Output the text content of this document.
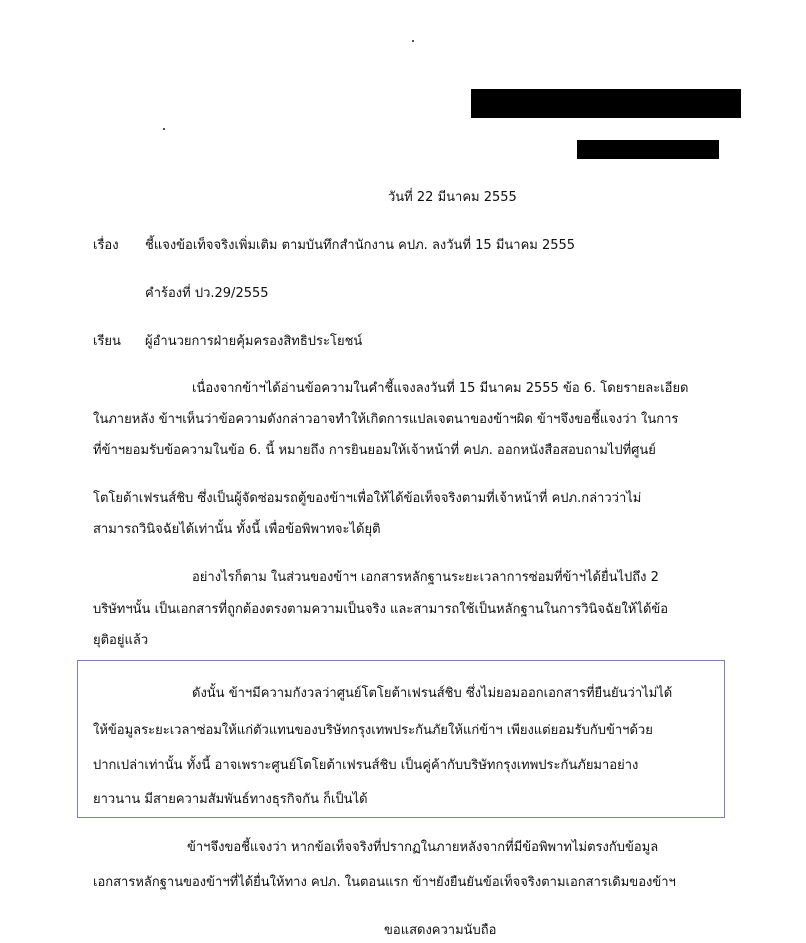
วันที่ 22 มีนาคม 2555
เรื่อง ชี้แจงข้อเท็จจริงเพิ่มเติม ตามบันทึกสำนักงาน คปภ. ลงวันที่ 15 มีนาคม 2555
คำร้องที่ ปว.29/2555
เรียน ผู้อำนวยการฝ่ายคุ้มครองสิทธิประโยชน์
เนื่องจากข้าฯได้อ่านข้อความในคำชี้แจงลงวันที่ 15 มีนาคม 2555 ข้อ 6. โดยรายละเอียด
ในภายหลัง ข้าฯเห็นว่าข้อความดังกล่าวอาจทำให้เกิดการแปลเจตนาของข้าฯผิด ข้าฯจึงขอชี้แจงว่า ในการ
ที่ข้าฯยอมรับข้อความในข้อ 6. นี้ หมายถึง การยินยอมให้เจ้าหน้าที่ คปภ. ออกหนังสือสอบถามไปที่ศูนย์
โตโยต้าเฟรนส์ชิบ ซึ่งเป็นผู้จัดซ่อมรถตู้ของข้าฯเพื่อให้ได้ข้อเท็จจริงตามที่เจ้าหน้าที่ คปภ.กล่าวว่าไม่
สามารถวินิจฉัยได้เท่านั้น ทั้งนี้ เพื่อข้อพิพาทจะได้ยุติ
อย่างไรก็ตาม ในส่วนของข้าฯ เอกสารหลักฐานระยะเวลาการซ่อมที่ข้าฯได้ยื่นไปถึง 2
บริษัทฯนั้น เป็นเอกสารที่ถูกต้องตรงตามความเป็นจริง และสามารถใช้เป็นหลักฐานในการวินิจฉัยให้ได้ข้อ
ยุติอยู่แล้ว
ดังนั้น ข้าฯมีความกังวลว่าศูนย์โตโยต้าเฟรนส์ชิบ ซึ่งไม่ยอมออกเอกสารที่ยืนยันว่าไม่ได้
ให้ข้อมูลระยะเวลาซ่อมให้แก่ตัวแทนของบริษัทกรุงเทพประกันภัยให้แก่ข้าฯ เพียงแต่ยอมรับกับข้าฯด้วย
ปากเปล่าเท่านั้น ทั้งนี้ อาจเพราะศูนย์โตโยต้าเฟรนส์ชิบ เป็นคู่ค้ากับบริษัทกรุงเทพประกันภัยมาอย่าง
ยาวนาน มีสายความสัมพันธ์ทางธุรกิจกัน ก็เป็นได้
ข้าฯจึงขอชี้แจงว่า หากข้อเท็จจริงที่ปรากฏในภายหลังจากที่มีข้อพิพาทไม่ตรงกับข้อมูล
เอกสารหลักฐานของข้าฯที่ได้ยื่นให้ทาง คปภ. ในตอนแรก ข้าฯยังยืนยันข้อเท็จจริงตามเอกสารเดิมของข้าฯ
ขอแสดงความนับถือ
